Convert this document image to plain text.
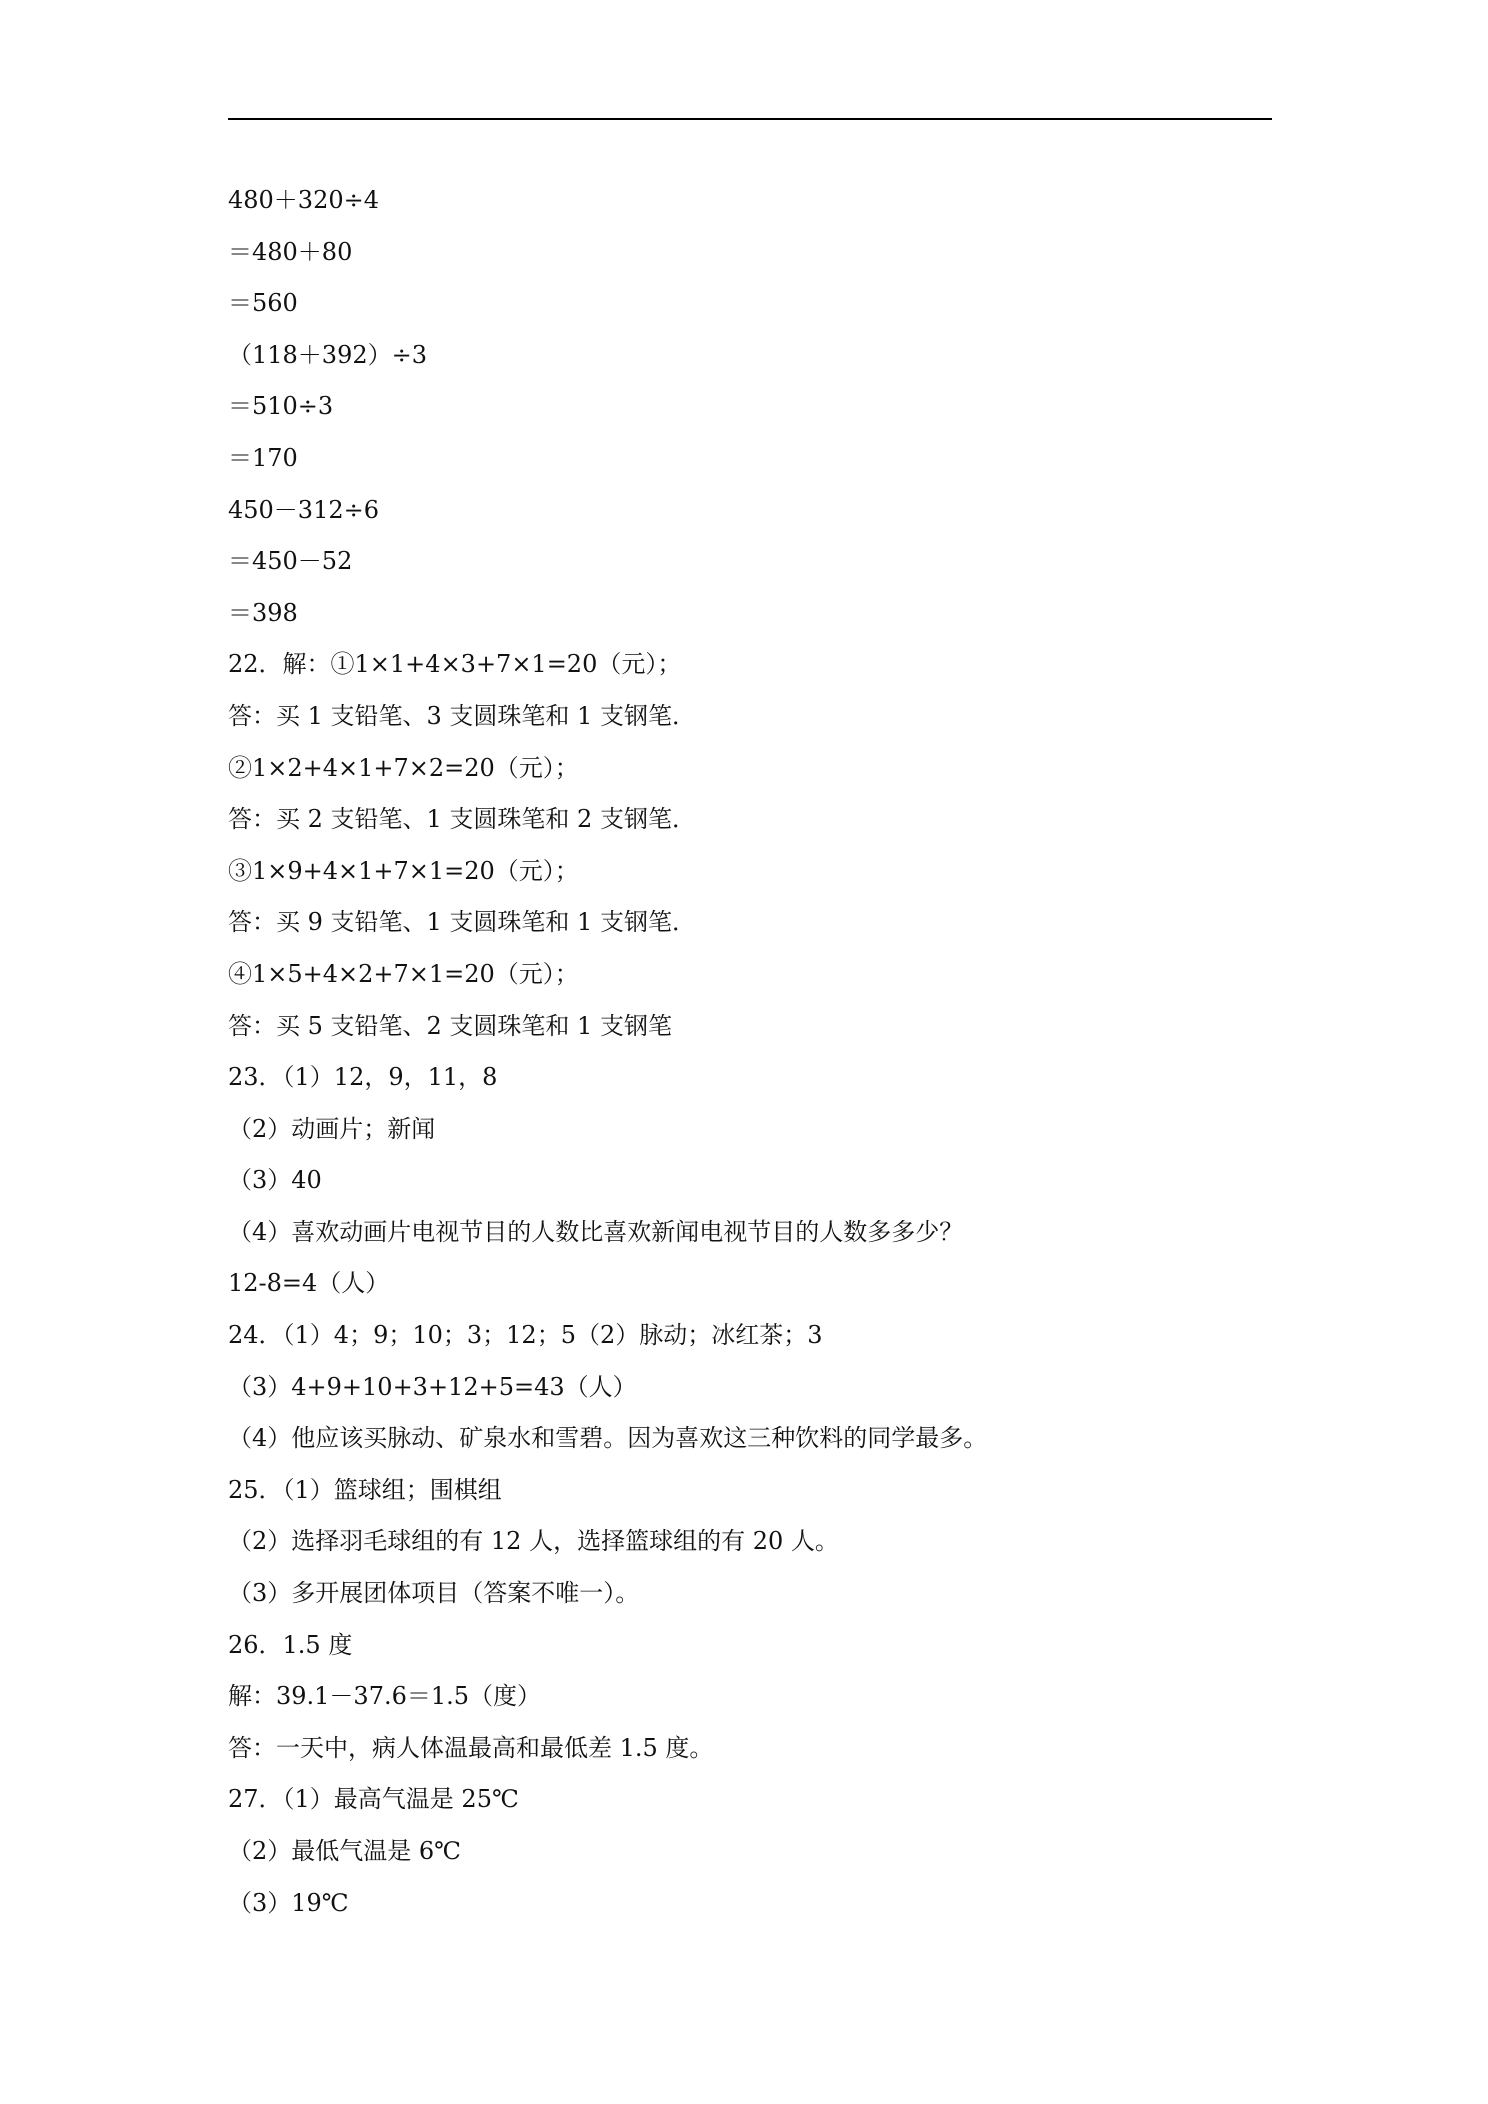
480＋320÷4
＝480＋80
＝560
（118＋392）÷3
＝510÷3
＝170
450－312÷6
＝450－52
＝398
22．解：①1×1+4×3+7×1=20（元）；
答：买 1 支铅笔、3 支圆珠笔和 1 支钢笔．
②1×2+4×1+7×2=20（元）；
答：买 2 支铅笔、1 支圆珠笔和 2 支钢笔．
③1×9+4×1+7×1=20（元）；
答：买 9 支铅笔、1 支圆珠笔和 1 支钢笔．
④1×5+4×2+7×1=20（元）；
答：买 5 支铅笔、2 支圆珠笔和 1 支钢笔
23．（1）12，9，11，8
（2）动画片；新闻
（3）40
（4）喜欢动画片电视节目的人数比喜欢新闻电视节目的人数多多少？
12-8=4（人）
24．（1）4；9；10；3；12；5（2）脉动；冰红茶；3
（3）4+9+10+3+12+5=43（人）
（4）他应该买脉动、矿泉水和雪碧。因为喜欢这三种饮料的同学最多。
25．（1）篮球组；围棋组
（2）选择羽毛球组的有 12 人，选择篮球组的有 20 人。
（3）多开展团体项目（答案不唯一）。
26．1.5 度
解：39.1－37.6＝1.5（度）
答：一天中，病人体温最高和最低差 1.5 度。
27．（1）最高气温是 25℃
（2）最低气温是 6℃
（3）19℃
